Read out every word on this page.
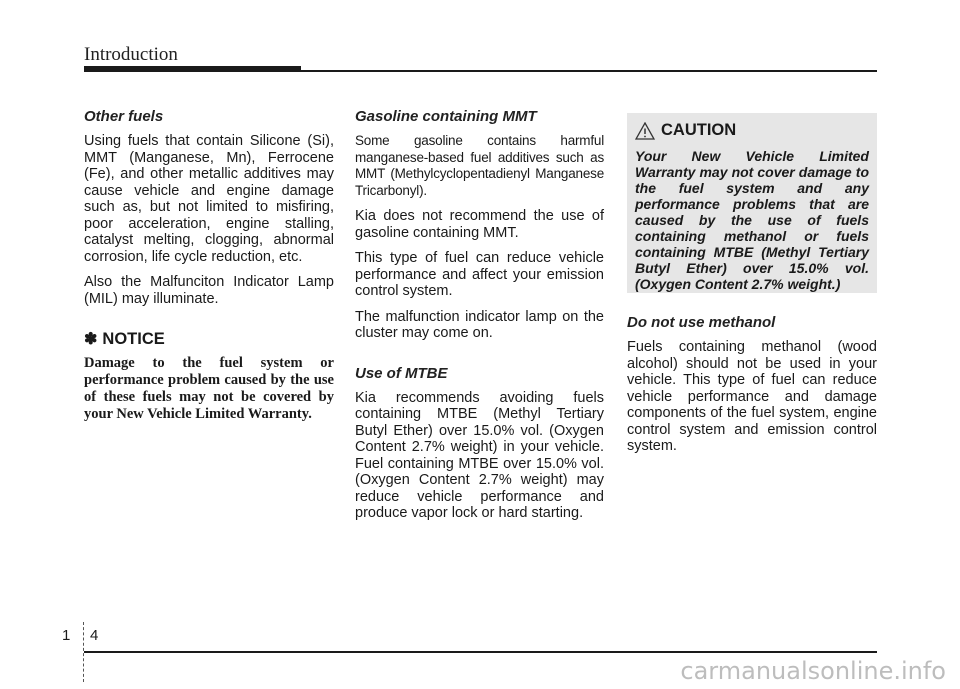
Introduction
Other fuels

Using fuels that contain Silicone (Si), MMT (Manganese, Mn), Ferrocene (Fe), and other metallic additives may cause vehicle and engine damage such as, but not limited to misfiring, poor acceleration, engine stalling, catalyst melting, clogging, abnormal corrosion, life cycle reduction, etc.

Also the Malfunciton Indicator Lamp (MIL) may illuminate.

✽ NOTICE
Damage to the fuel system or performance problem caused by the use of these fuels may not be covered by your New Vehicle Limited Warranty.
Gasoline containing MMT

Some gasoline contains harmful manganese-based fuel additives such as MMT (Methylcyclopentadienyl Manganese Tricarbonyl).

Kia does not recommend the use of gasoline containing MMT.

This type of fuel can reduce vehicle performance and affect your emission control system.

The malfunction indicator lamp on the cluster may come on.

Use of MTBE

Kia recommends avoiding fuels containing MTBE (Methyl Tertiary Butyl Ether) over 15.0% vol. (Oxygen Content 2.7% weight) in your vehicle. Fuel containing MTBE over 15.0% vol. (Oxygen Content 2.7% weight) may reduce vehicle performance and produce vapor lock or hard starting.

CAUTION

Your New Vehicle Limited Warranty may not cover damage to the fuel system and any performance problems that are caused by the use of fuels containing methanol or fuels containing MTBE (Methyl Tertiary Butyl Ether) over 15.0% vol. (Oxygen Content 2.7% weight.)

Do not use methanol

Fuels containing methanol (wood alcohol) should not be used in your vehicle. This type of fuel can reduce vehicle performance and damage components of the fuel system, engine control system and emission control system.

1 4
carmanualsonline.info
